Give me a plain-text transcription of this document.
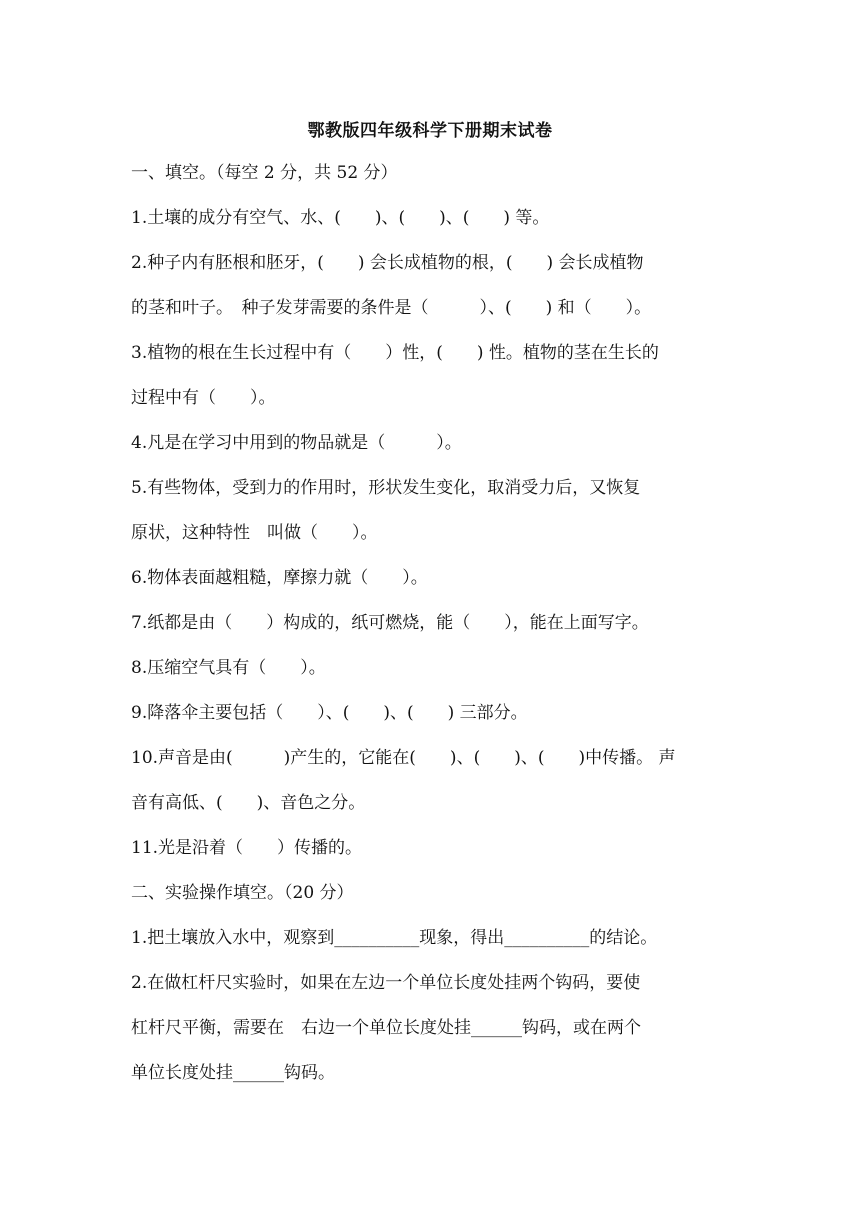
鄂教版四年级科学下册期末试卷
一、填空。（每空 2 分，共 52 分）
1.土壤的成分有空气、水、(　　)、(　　)、(　　) 等。
2.种子内有胚根和胚牙，(　　) 会长成植物的根，(　　) 会长成植物
的茎和叶子。　种子发芽需要的条件是（　　　）、(　　) 和（　　）。
3.植物的根在生长过程中有（　　）性，(　　) 性。植物的茎在生长的
过程中有（　　）。
4.凡是在学习中用到的物品就是（　　　）。
5.有些物体，受到力的作用时，形状发生变化，取消受力后，又恢复
原状，这种特性　叫做（　　）。
6.物体表面越粗糙，摩擦力就（　　）。
7.纸都是由（　　）构成的，纸可燃烧，能（　　），能在上面写字。
8.压缩空气具有（　　）。
9.降落伞主要包括（　　）、(　　)、(　　) 三部分。
10.声音是由(　　　)产生的，它能在(　　)、(　　)、(　　)中传播。 声
音有高低、(　　)、音色之分。
11.光是沿着（　　）传播的。
二、实验操作填空。（20 分）
1.把土壤放入水中，观察到__________现象，得出__________的结论。
2.在做杠杆尺实验时，如果在左边一个单位长度处挂两个钩码，要使
杠杆尺平衡，需要在　右边一个单位长度处挂______钩码，或在两个
单位长度处挂______钩码。
